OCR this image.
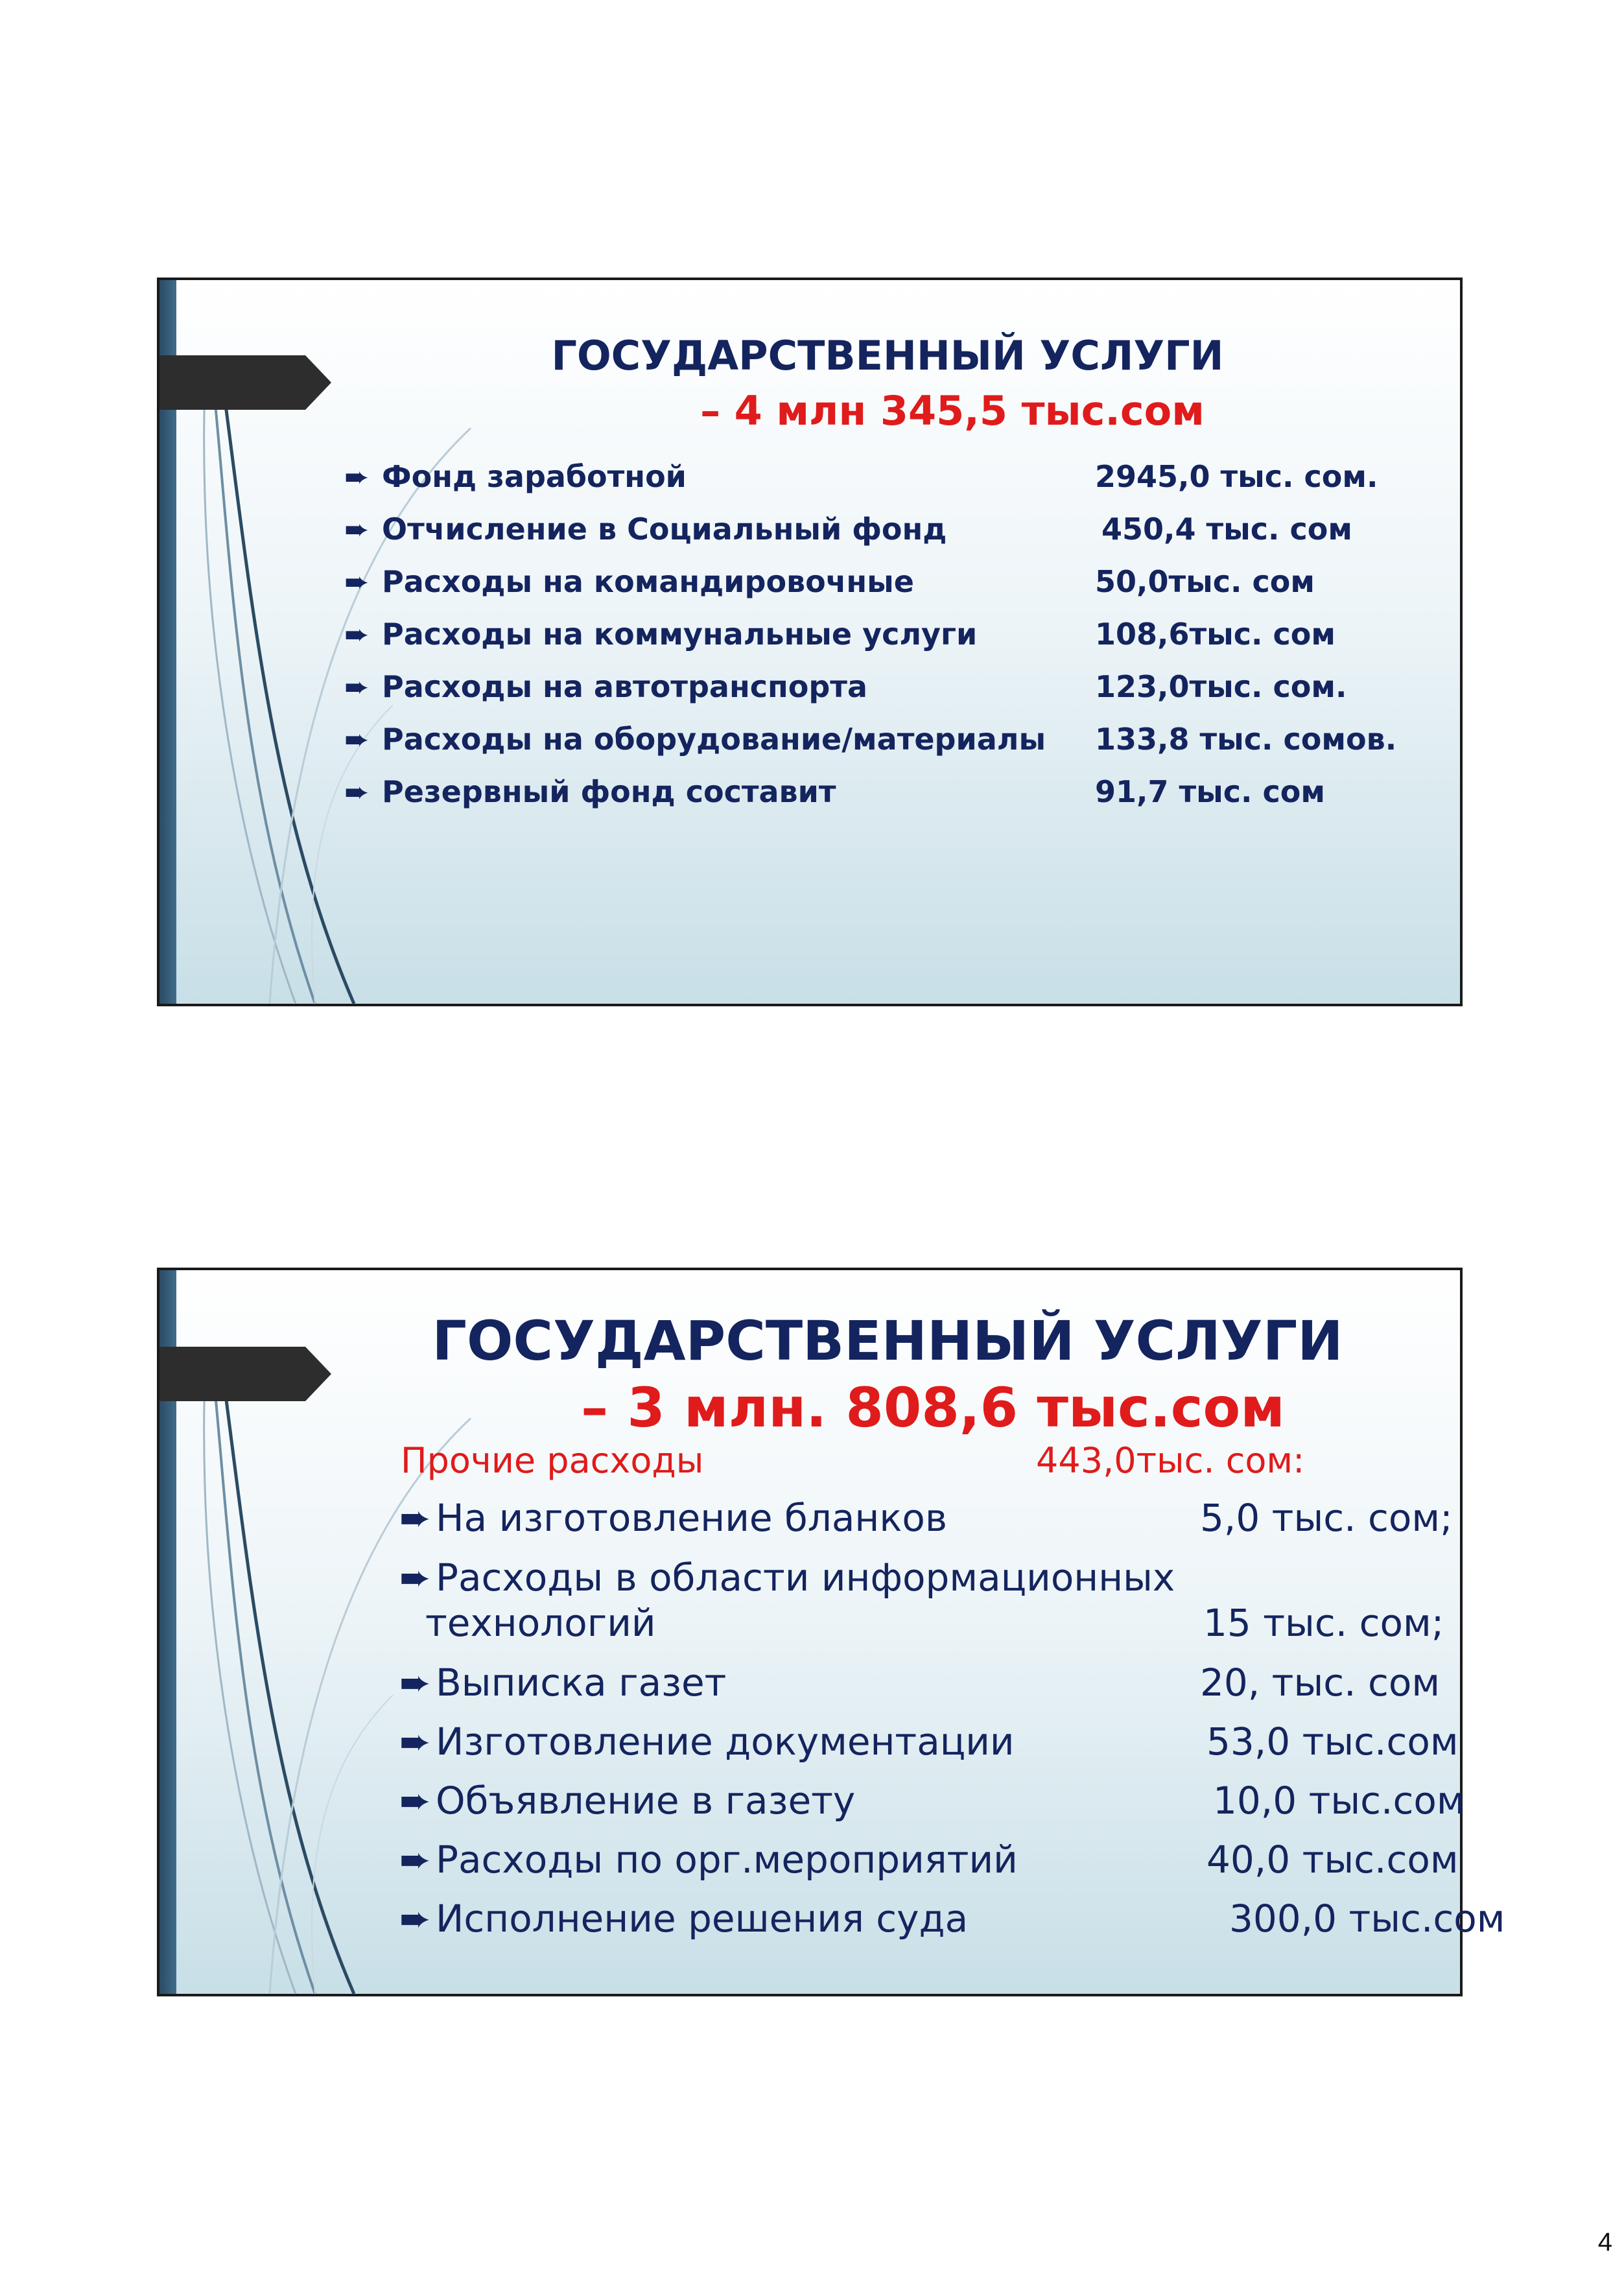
ГОСУДАРСТВЕННЫЙ УСЛУГИ
– 4 млн 345,5 тыс.сом
➨ Фонд заработной	2945,0 тыс. сом.
➨ Отчисление в Социальный фонд	450,4 тыс. сом
➨ Расходы на командировочные	50,0тыс. сом
➨ Расходы на коммунальные услуги	108,6тыс. сом
➨ Расходы на автотранспорта	123,0тыс. сом.
➨ Расходы на оборудование/материалы 133,8 тыс. сомов.
➨ Резервный фонд составит	91,7 тыс. сом
ГОСУДАРСТВЕННЫЙ УСЛУГИ
– 3 млн. 808,6 тыс.сом
Прочие расходы	443,0тыс. сом:
➨ На изготовление бланков	5,0 тыс. сом;
➨ Расходы в области информационных
технологий	15 тыс. сом;
➨ Выписка газет	20, тыс. сом
➨ Изготовление документации	53,0 тыс.сом
➨ Объявление в газету	10,0 тыс.сом
➨ Расходы по орг.мероприятий	40,0 тыс.сом
➨ Исполнение решения суда	300,0 тыс.сом
4
